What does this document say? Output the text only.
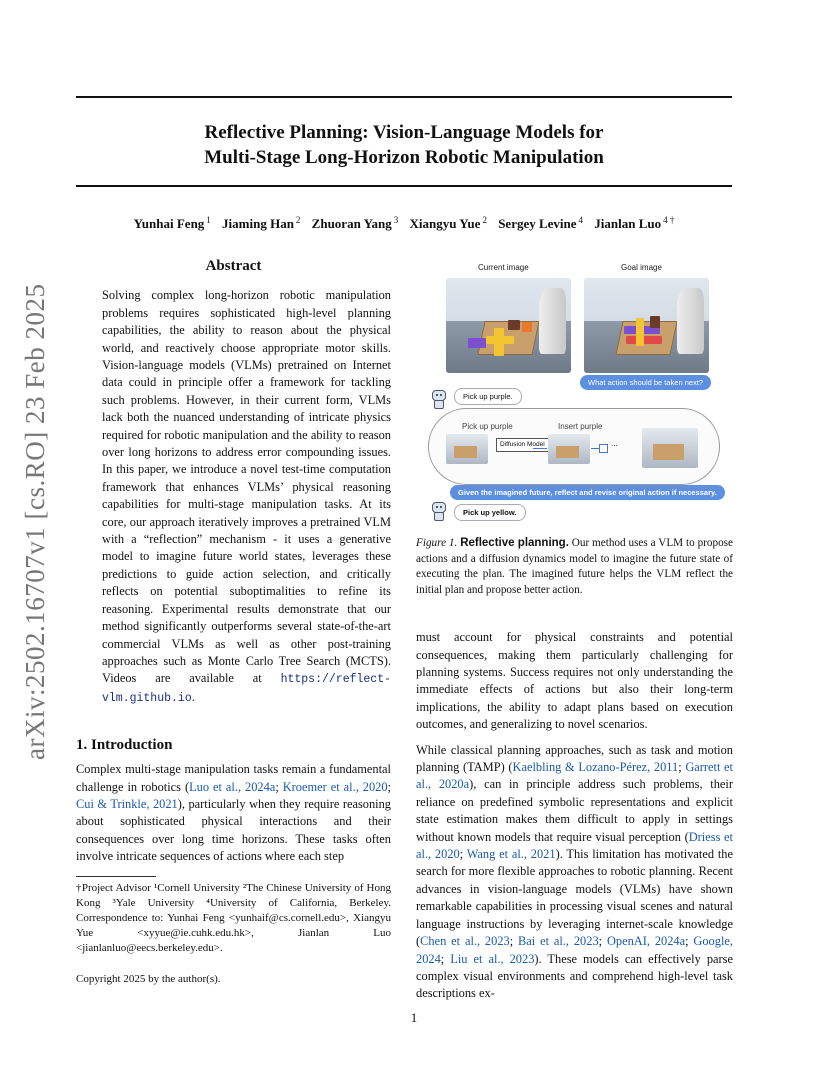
Reflective Planning: Vision-Language Models for
Multi-Stage Long-Horizon Robotic Manipulation
Yunhai Feng $^1$ Jiaming Han $^2$ Zhuoran Yang $^3$ Xiangyu Yue $^2$ Sergey Levine $^4$ Jianlan Luo $^{4 \dagger}$
arXiv:2502.16707v1 [cs.RO] 23 Feb 2025
Abstract

Solving complex long-horizon robotic manipulation problems requires sophisticated high-level planning capabilities, the ability to reason about the physical world, and reactively choose appropriate motor skills. Vision-language models (VLMs) pretrained on Internet data could in principle offer a framework for tackling such problems. However, in their current form, VLMs lack both the nuanced understanding of intricate physics required for robotic manipulation and the ability to reason over long horizons to address error compounding issues. In this paper, we introduce a novel test-time computation framework that enhances VLMs’ physical reasoning capabilities for multi-stage manipulation tasks. At its core, our approach iteratively improves a pretrained VLM with a “reflection” mechanism - it uses a generative model to imagine future world states, leverages these predictions to guide action selection, and critically reflects on potential suboptimalities to refine its reasoning. Experimental results demonstrate that our method significantly outperforms several state-of-the-art commercial VLMs as well as other post-training approaches such as Monte Carlo Tree Search (MCTS). Videos are available at https://reflect-vlm.github.io.

1. Introduction

Complex multi-stage manipulation tasks remain a fundamental challenge in robotics (Luo et al., 2024a; Kroemer et al., 2020; Cui & Trinkle, 2021), particularly when they require reasoning about sophisticated physical interactions and their consequences over long time horizons. These tasks often involve intricate sequences of actions where each step

†Project Advisor ¹Cornell University ²The Chinese University of Hong Kong ³Yale University ⁴University of California, Berkeley. Correspondence to: Yunhai Feng <yunhaif@cs.cornell.edu>, Xiangyu Yue <xyyue@ie.cuhk.edu.hk>, Jianlan Luo <jianlanluo@eecs.berkeley.edu>.

Copyright 2025 by the author(s).
Current image	Goal image
What action should be taken next?
Pick up purple.
Pick up purple	Insert purple
Diffusion Model	...
Given the imagined future, reflect and revise original action if necessary.
Pick up yellow.

Figure 1. Reflective planning. Our method uses a VLM to propose actions and a diffusion dynamics model to imagine the future state of executing the plan. The imagined future helps the VLM reflect the initial plan and propose better action.

must account for physical constraints and potential consequences, making them particularly challenging for planning systems. Success requires not only understanding the immediate effects of actions but also their long-term implications, the ability to adapt plans based on execution outcomes, and generalizing to novel scenarios.

While classical planning approaches, such as task and motion planning (TAMP) (Kaelbling & Lozano-Pérez, 2011; Garrett et al., 2020a), can in principle address such problems, their reliance on predefined symbolic representations and explicit state estimation makes them difficult to apply in settings without known models that require visual perception (Driess et al., 2020; Wang et al., 2021). This limitation has motivated the search for more flexible approaches to robotic planning. Recent advances in vision-language models (VLMs) have shown remarkable capabilities in processing visual scenes and natural language instructions by leveraging internet-scale knowledge (Chen et al., 2023; Bai et al., 2023; OpenAI, 2024a; Google, 2024; Liu et al., 2023). These models can effectively parse complex visual environments and comprehend high-level task descriptions ex-

1
